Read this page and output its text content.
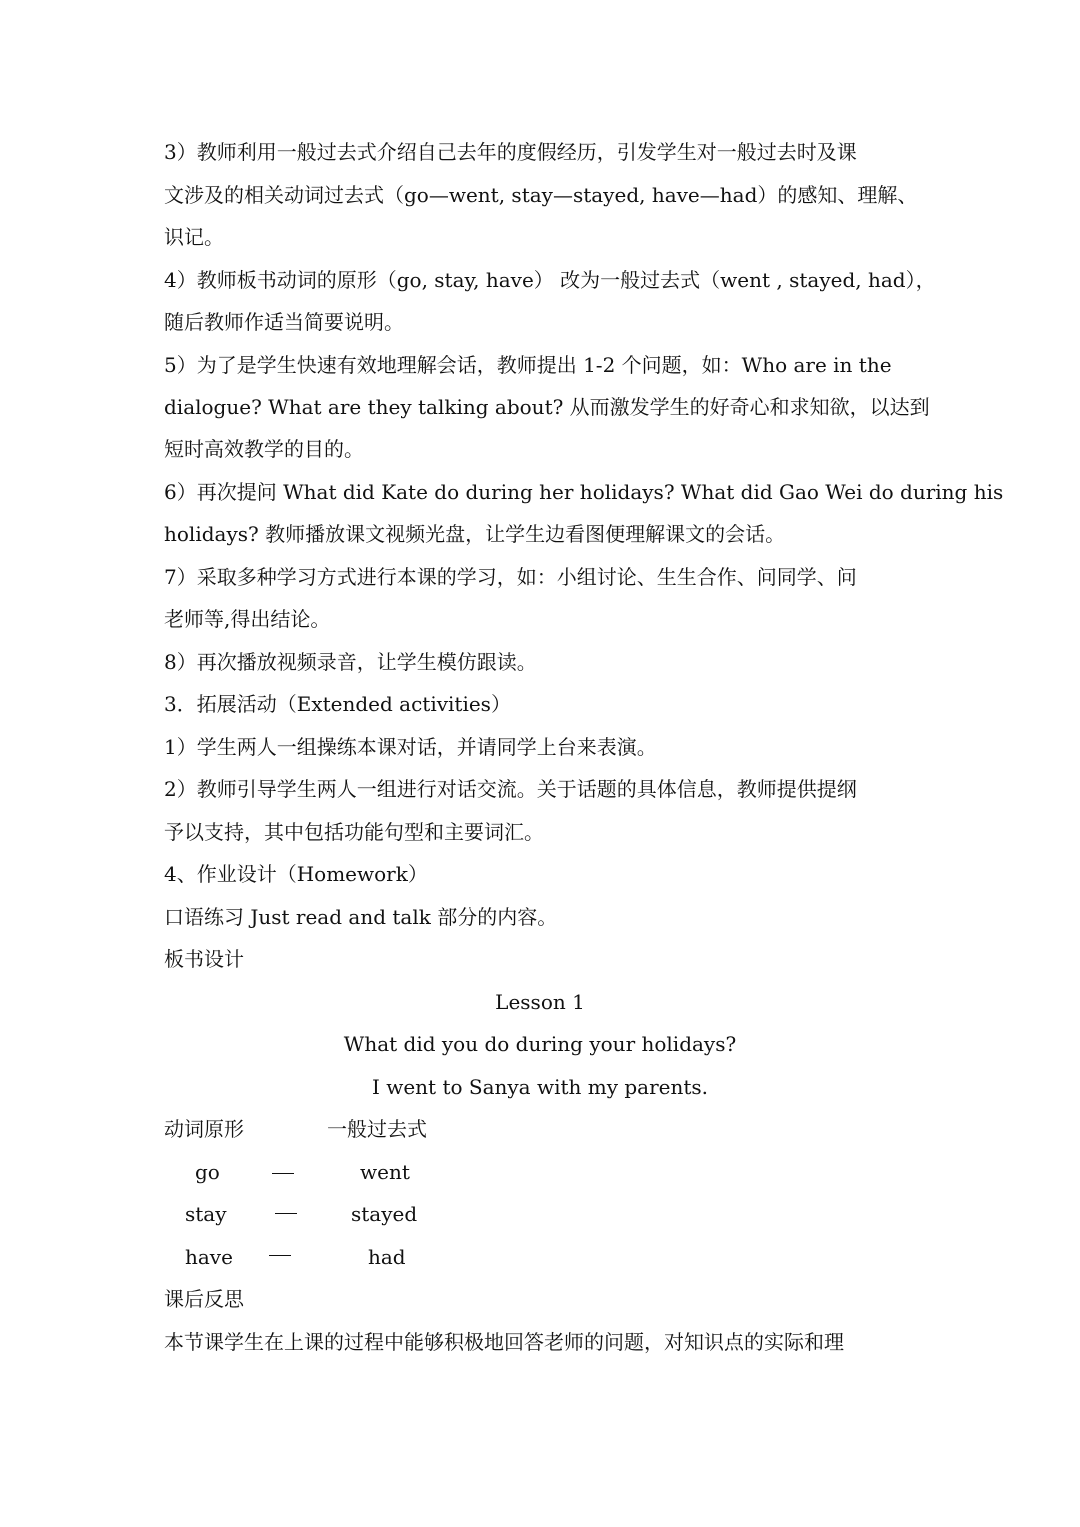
3）教师利用一般过去式介绍自己去年的度假经历，引发学生对一般过去时及课
文涉及的相关动词过去式（go—went, stay—stayed, have—had）的感知、理解、
识记。
4）教师板书动词的原形（go, stay, have） 改为一般过去式（went , stayed, had），
随后教师作适当简要说明。
5）为了是学生快速有效地理解会话，教师提出 1-2 个问题，如：Who are in the
dialogue? What are they talking about? 从而激发学生的好奇心和求知欲，以达到
短时高效教学的目的。
6）再次提问 What did Kate do during her holidays? What did Gao Wei do during his
holidays? 教师播放课文视频光盘，让学生边看图便理解课文的会话。
7）采取多种学习方式进行本课的学习，如：小组讨论、生生合作、问同学、问
老师等,得出结论。
8）再次播放视频录音，让学生模仿跟读。
3．拓展活动（Extended activities）
1）学生两人一组操练本课对话，并请同学上台来表演。
2）教师引导学生两人一组进行对话交流。关于话题的具体信息，教师提供提纲
予以支持，其中包括功能句型和主要词汇。
4、作业设计（Homework）
口语练习 Just read and talk 部分的内容。
板书设计
Lesson 1
What did you do during your holidays?
I went to Sanya with my parents.
动词原形	一般过去式
go	went
stay	stayed
have	had
课后反思
本节课学生在上课的过程中能够积极地回答老师的问题，对知识点的实际和理
